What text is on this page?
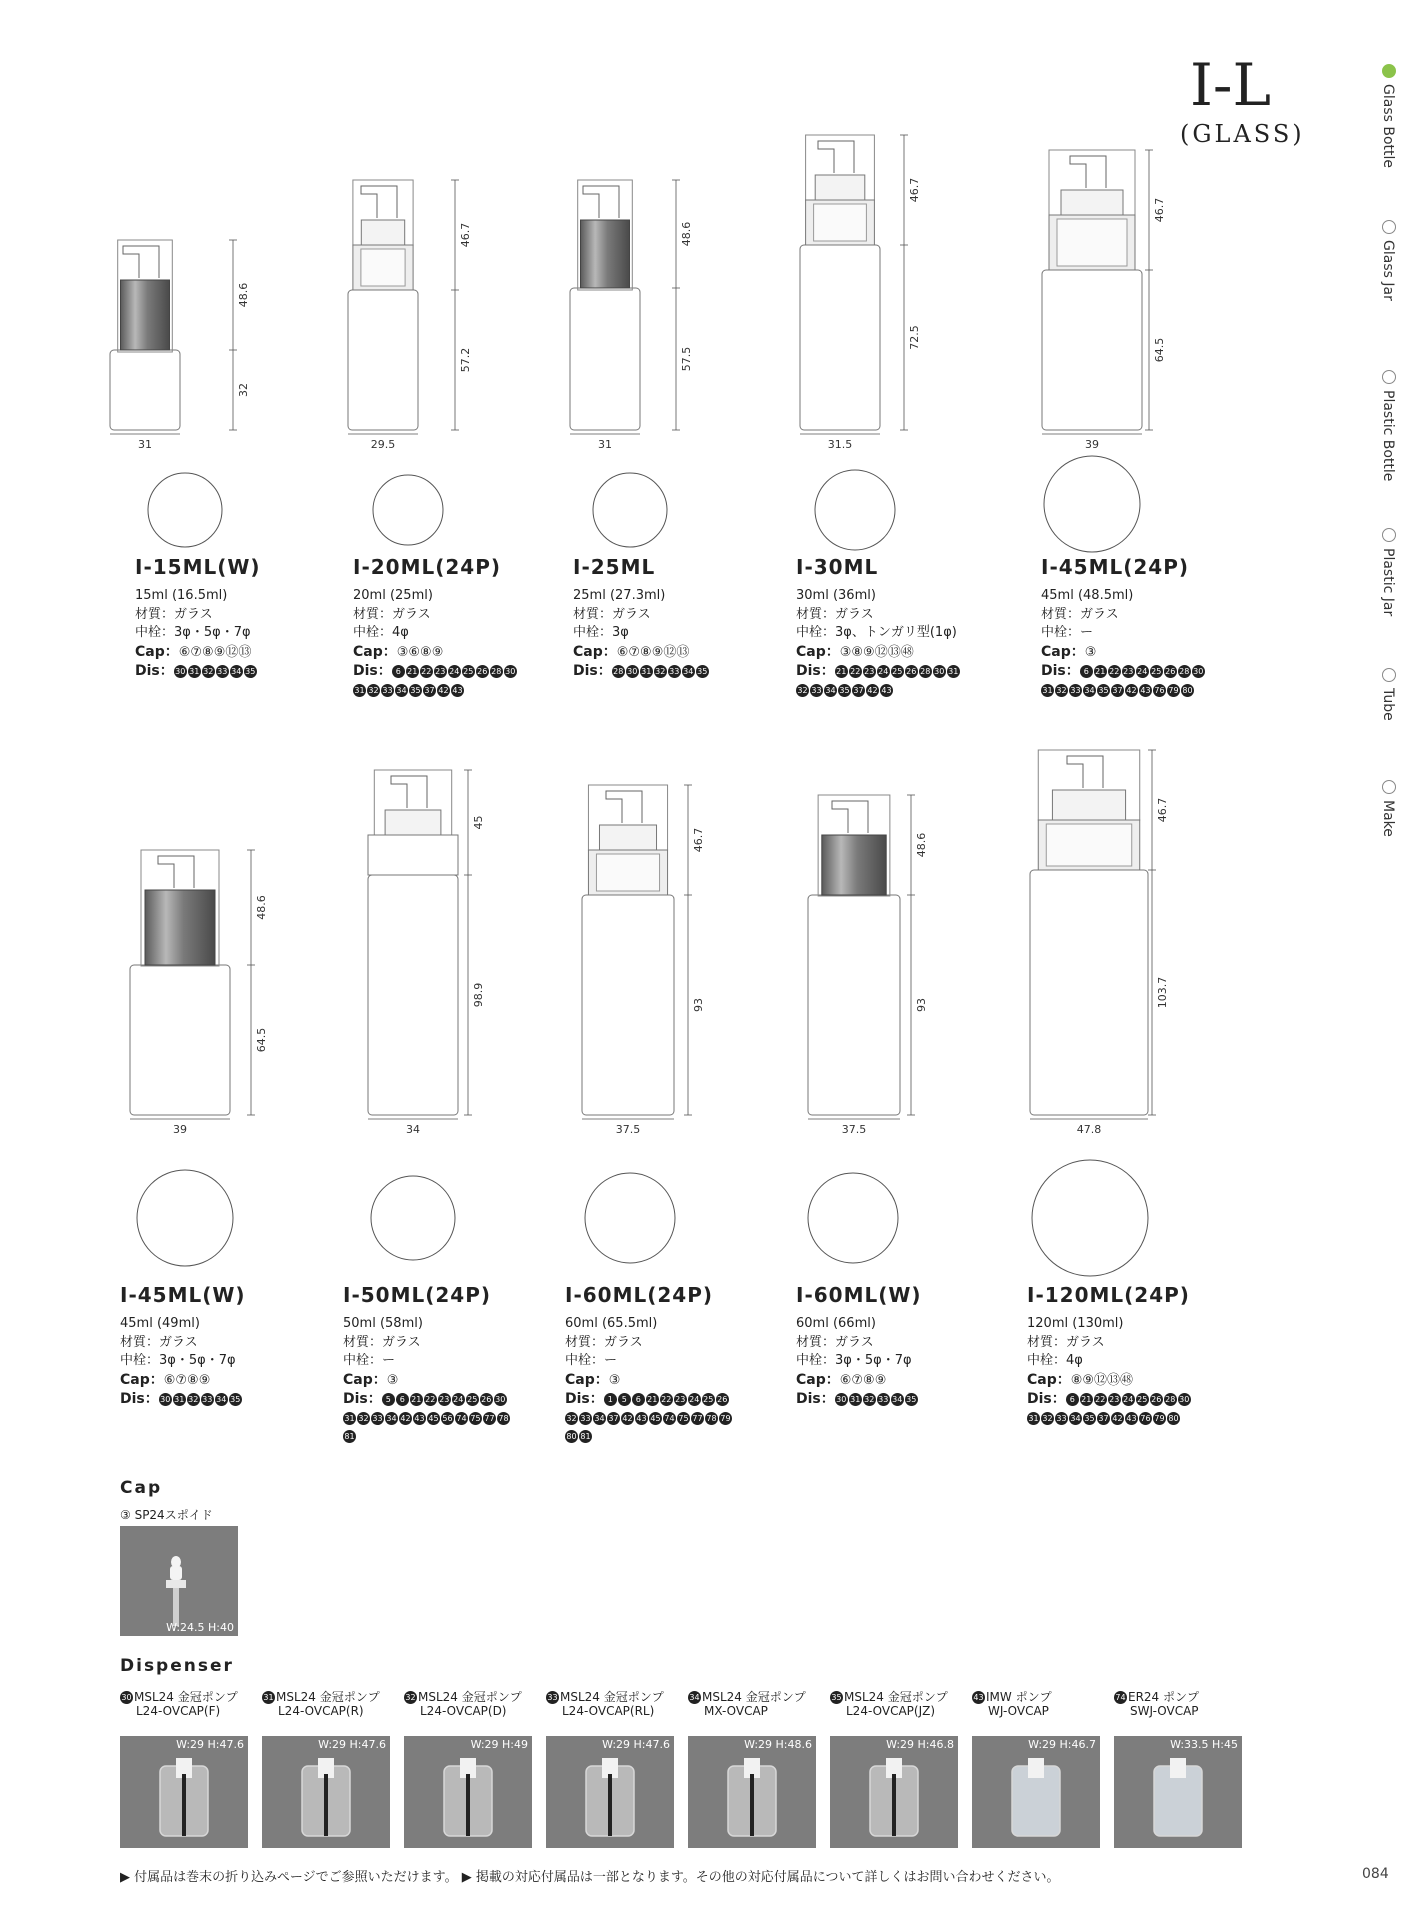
I-L
(GLASS)	Glass Bottle
Glass Jar
Plastic Bottle
Plastic Jar
Tube
Make
48.6
32
31
46.7
57.2
29.5
48.6
57.5
31
46.7
72.5
31.5
46.7
64.5
39
48.6
64.5
39
45
98.9
34
46.7
93
37.5
48.6
93
37.5
46.7
103.7
47.8
I-15ML(W)
15ml (16.5ml)
材質：ガラス
中栓：3φ・5φ・7φ
Cap：⑥⑦⑧⑨⑫⑬
Dis：30 31 32 33 34 35
I-20ML(24P)
20ml (25ml)
材質：ガラス
中栓：4φ
Cap：③⑥⑧⑨
Dis： 6 21 22 23 24 25 26 28 3031 32 33 34 35 37 42 43
I-25ML
25ml (27.3ml)
材質：ガラス
中栓：3φ
Cap：⑥⑦⑧⑨⑫⑬
Dis：28 30 31 32 33 34 35
I-30ML
30ml (36ml)
材質：ガラス
中栓：3φ、トンガリ型(1φ)
Cap：③⑧⑨⑫⑬㊽
Dis：21 22 23 24 25 26 28 30 3132 33 34 35 37 42 43
I-45ML(24P)
45ml (48.5ml)
材質：ガラス
中栓：ー
Cap：③
Dis： 6 21 22 23 24 25 26 28 3031 32 33 34 35 37 42 43 76 79 80
I-45ML(W)
45ml (49ml)
材質：ガラス
中栓：3φ・5φ・7φ
Cap：⑥⑦⑧⑨
Dis：30 31 32 33 34 35
I-50ML(24P)
50ml (58ml)
材質：ガラス
中栓：ー
Cap：③
Dis： 5 6 21 22 23 24 25 26 3031 32 33 34 42 43 45 56 74 75 77 7881
I-60ML(24P)
60ml (65.5ml)
材質：ガラス
中栓：ー
Cap：③
Dis： 1 5 6 21 22 23 24 25 2632 33 34 37 42 43 45 74 75 77 78 7980 81
I-60ML(W)
60ml (66ml)
材質：ガラス
中栓：3φ・5φ・7φ
Cap：⑥⑦⑧⑨
Dis：30 31 32 33 34 35
I-120ML(24P)
120ml (130ml)
材質：ガラス
中栓：4φ
Cap：⑧⑨⑫⑬㊽
Dis： 6 21 22 23 24 25 26 28 3031 32 33 34 35 37 42 43 76 79 80
Cap
③ SP24スポイド
W:24.5 H:40
Dispenser
30 MSL24 金冠ポンプ
L24-OVCAP(F)
W:29 H:47.6
31 MSL24 金冠ポンプ
L24-OVCAP(R)
W:29 H:47.6
32 MSL24 金冠ポンプ
L24-OVCAP(D)
W:29 H:49
33 MSL24 金冠ポンプ
L24-OVCAP(RL)
W:29 H:47.6
34 MSL24 金冠ポンプ
MX-OVCAP
W:29 H:48.6
35 MSL24 金冠ポンプ
L24-OVCAP(JZ)
W:29 H:46.8
43 IMW ポンプ
WJ-OVCAP
W:29 H:46.7
74 ER24 ポンプ
SWJ-OVCAP
W:33.5 H:45
▶ 付属品は巻末の折り込みページでご参照いただけます。 ▶ 掲載の対応付属品は一部となります。その他の対応付属品について詳しくはお問い合わせください。	084
